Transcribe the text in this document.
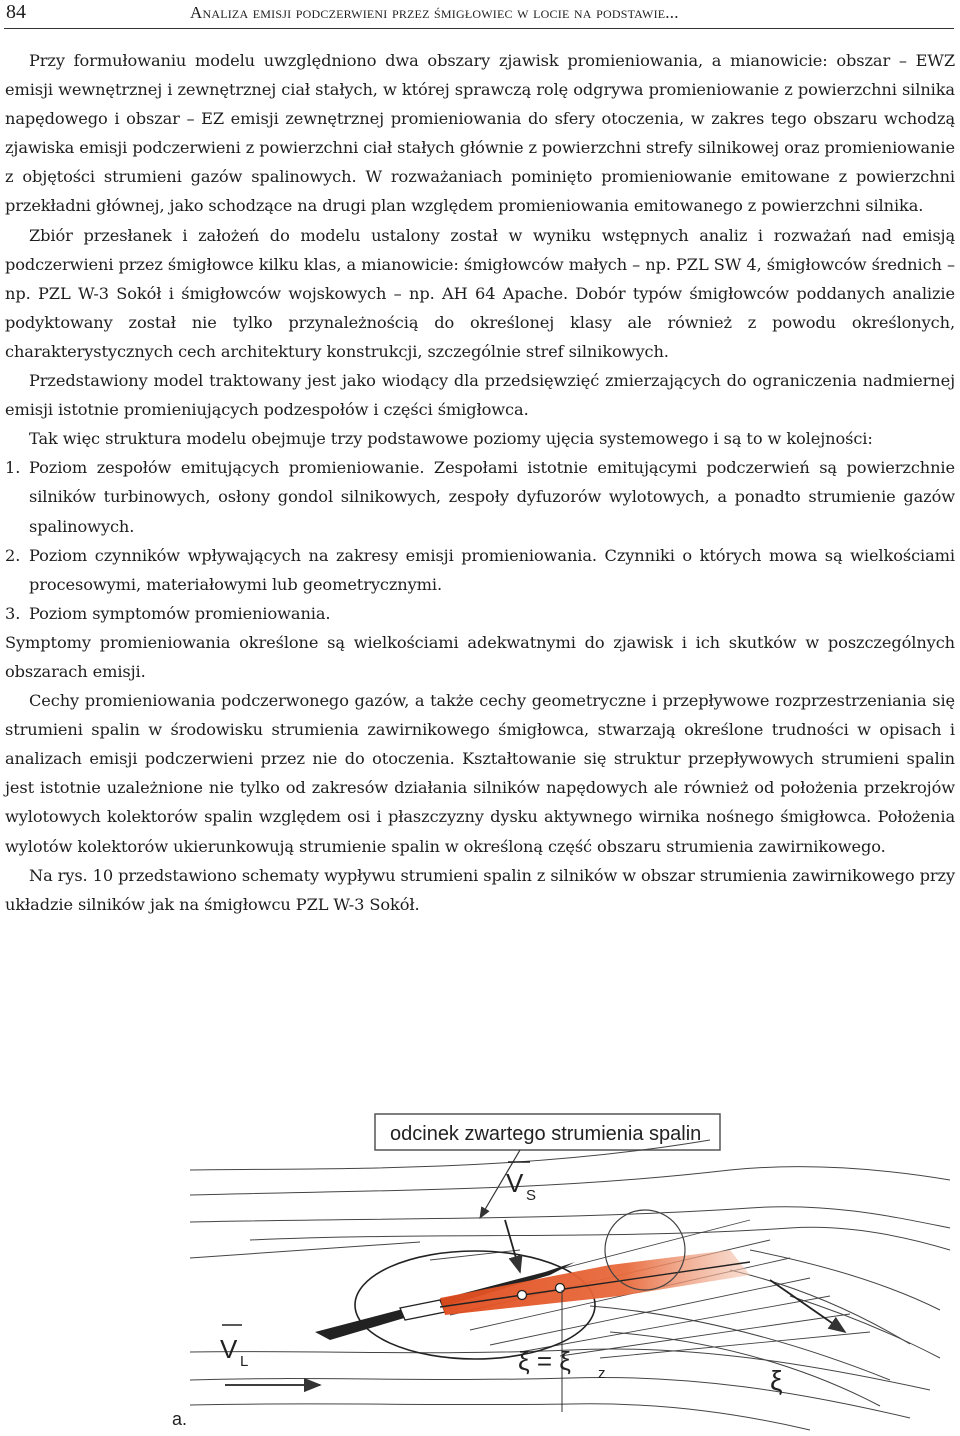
84	Analiza emisji podczerwieni przez śmigłowiec w locie na podstawie...

Przy formułowaniu modelu uwzględniono dwa obszary zjawisk promieniowania, a mianowicie: obszar – EWZ emisji wewnętrznej i zewnętrznej ciał stałych, w której sprawczą rolę odgrywa promieniowanie z powierzchni silnika napędowego i obszar – EZ emisji zewnętrznej promieniowania do sfery otoczenia, w zakres tego obszaru wchodzą zjawiska emisji podczerwieni z powierzchni ciał stałych głównie z powierzchni strefy silnikowej oraz promieniowanie z objętości strumieni gazów spalinowych. W rozważaniach pominięto promieniowanie emitowane z powierzchni przekładni głównej, jako schodzące na drugi plan względem promieniowania emitowanego z powierzchni silnika.

Zbiór przesłanek i założeń do modelu ustalony został w wyniku wstępnych analiz i rozważań nad emisją podczerwieni przez śmigłowce kilku klas, a mianowicie: śmigłowców małych – np. PZL SW 4, śmigłowców średnich – np. PZL W-3 Sokół i śmigłowców wojskowych – np. AH 64 Apache. Dobór typów śmigłowców poddanych analizie podyktowany został nie tylko przynależnością do określonej klasy ale również z powodu określonych, charakterystycznych cech architektury konstrukcji, szczególnie stref silnikowych.

Przedstawiony model traktowany jest jako wiodący dla przedsięwzięć zmierzających do ograniczenia nadmiernej emisji istotnie promieniujących podzespołów i części śmigłowca.

Tak więc struktura modelu obejmuje trzy podstawowe poziomy ujęcia systemowego i są to w kolejności:

1. Poziom zespołów emitujących promieniowanie. Zespołami istotnie emitującymi podczerwień są powierzchnie silników turbinowych, osłony gondol silnikowych, zespoły dyfuzorów wylotowych, a ponadto strumienie gazów spalinowych.

2. Poziom czynników wpływających na zakresy emisji promieniowania. Czynniki o których mowa są wielkościami procesowymi, materiałowymi lub geometrycznymi.

3. Poziom symptomów promieniowania.

Symptomy promieniowania określone są wielkościami adekwatnymi do zjawisk i ich skutków w poszczególnych obszarach emisji.

Cechy promieniowania podczerwonego gazów, a także cechy geometryczne i przepływowe rozprzestrzeniania się strumieni spalin w środowisku strumienia zawirnikowego śmigłowca, stwarzają określone trudności w opisach i analizach emisji podczerwieni przez nie do otoczenia. Kształtowanie się struktur przepływowych strumieni spalin jest istotnie uzależnione nie tylko od zakresów działania silników napędowych ale również od położenia przekrojów wylotowych kolektorów spalin względem osi i płaszczyzny dysku aktywnego wirnika nośnego śmigłowca. Położenia wylotów kolektorów ukierunkowują strumienie spalin w określoną część obszaru strumienia zawirnikowego.

Na rys. 10 przedstawiono schematy wypływu strumieni spalin z silników w obszar strumienia zawirnikowego przy układzie silników jak na śmigłowcu PZL W-3 Sokół.

odcinek zwartego strumienia spalin
V S
V L	ξ = ξ z	ξ
a.
